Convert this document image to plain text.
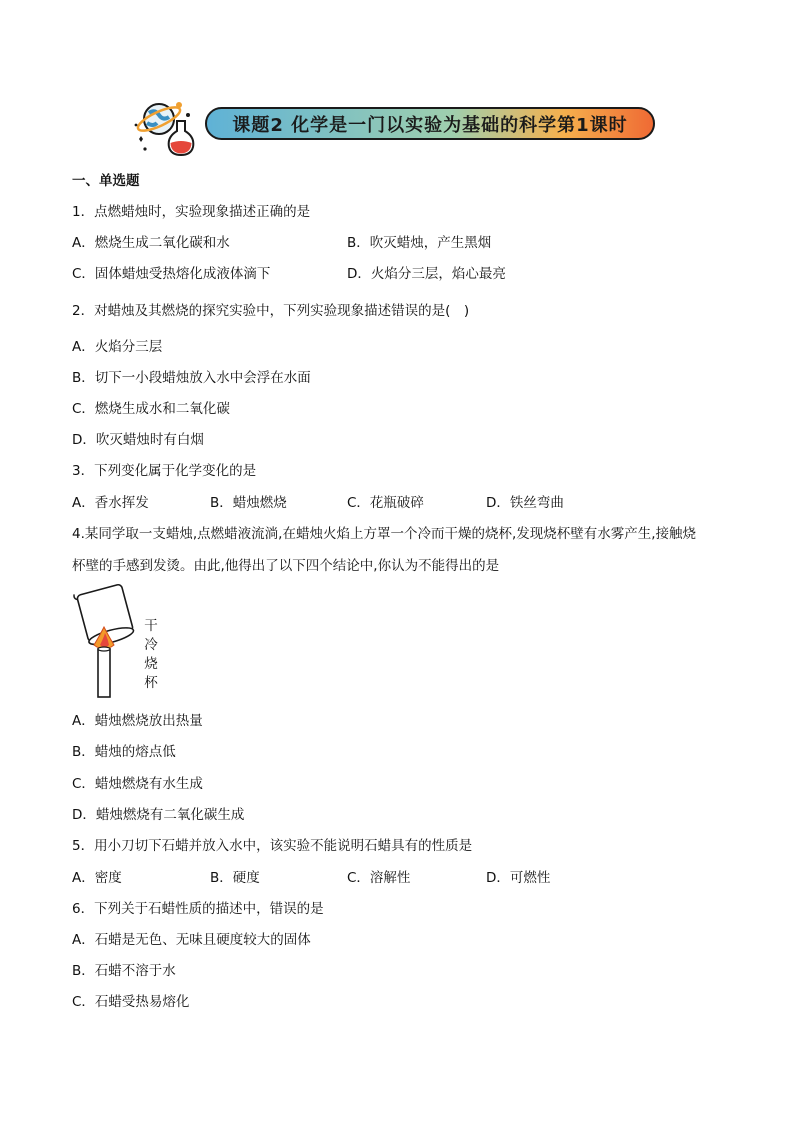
课题2 化学是一门以实验为基础的科学第1课时
一、单选题
1．点燃蜡烛时，实验现象描述正确的是
A．燃烧生成二氧化碳和水	B．吹灭蜡烛，产生黑烟
C．固体蜡烛受热熔化成液体滴下	D．火焰分三层，焰心最亮
2．对蜡烛及其燃烧的探究实验中，下列实验现象描述错误的是(　)
A．火焰分三层
B．切下一小段蜡烛放入水中会浮在水面
C．燃烧生成水和二氧化碳
D．吹灭蜡烛时有白烟
3．下列变化属于化学变化的是
A．香水挥发	B．蜡烛燃烧	C．花瓶破碎	D．铁丝弯曲
4.某同学取一支蜡烛,点燃蜡液流淌,在蜡烛火焰上方罩一个冷而干燥的烧杯,发现烧杯壁有水雾产生,接触烧
杯壁的手感到发烫。由此,他得出了以下四个结论中,你认为不能得出的是
干
冷
烧
杯
A．蜡烛燃烧放出热量
B．蜡烛的熔点低
C．蜡烛燃烧有水生成
D．蜡烛燃烧有二氧化碳生成
5．用小刀切下石蜡并放入水中，该实验不能说明石蜡具有的性质是
A．密度	B．硬度	C．溶解性	D．可燃性
6．下列关于石蜡性质的描述中，错误的是
A．石蜡是无色、无味且硬度较大的固体
B．石蜡不溶于水
C．石蜡受热易熔化
